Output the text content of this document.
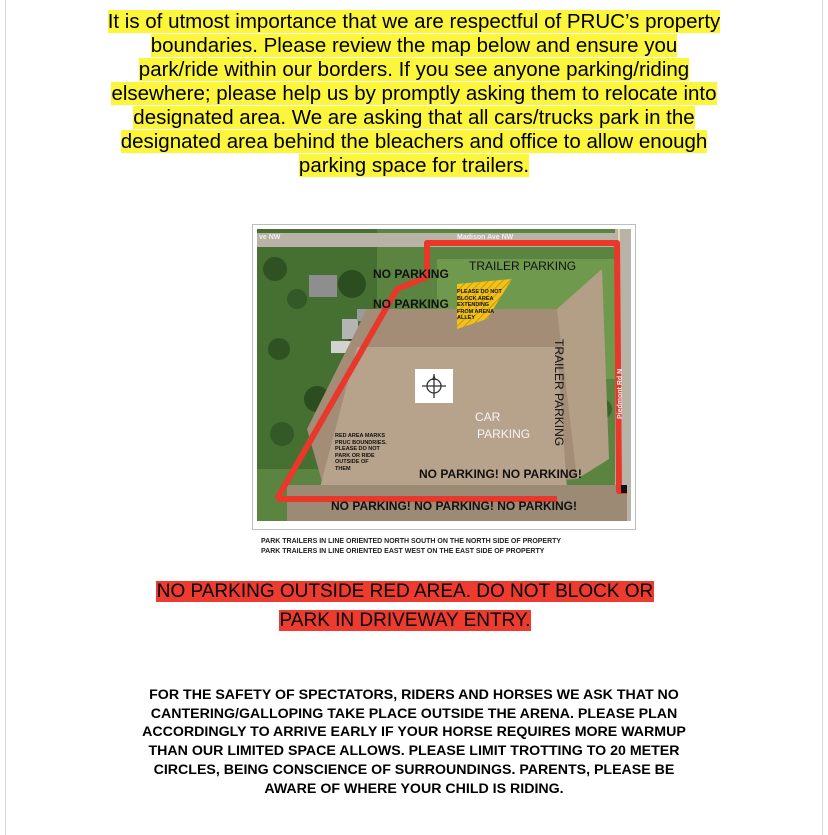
It is of utmost importance that we are respectful of PRUC’s property
boundaries. Please review the map below and ensure you
park/ride within our borders. If you see anyone parking/riding
elsewhere; please help us by promptly asking them to relocate into
designated area. We are asking that all cars/trucks park in the
designated area behind the bleachers and office to allow enough
parking space for trailers.
ve NW	Madison Ave NW
Piedmont Rd N
NO PARKING
NO PARKING
TRAILER PARKING
TRAILER PARKING
PLEASE DO NOT
BLOCK AREA
EXTENDING
FROM ARENA
ALLEY
RED AREA MARKS
PRUC BOUNDRIES.
PLEASE DO NOT
PARK OR RIDE
OUTSIDE OF
THEM
CAR
PARKING
NO PARKING! NO PARKING!
NO PARKING! NO PARKING! NO PARKING!
PARK TRAILERS IN LINE ORIENTED NORTH SOUTH ON THE NORTH SIDE OF PROPERTY
PARK TRAILERS IN LINE ORIENTED EAST WEST ON THE EAST SIDE OF PROPERTY
NO PARKING OUTSIDE RED AREA. DO NOT BLOCK OR
PARK IN DRIVEWAY ENTRY.
FOR THE SAFETY OF SPECTATORS, RIDERS AND HORSES WE ASK THAT NO
CANTERING/GALLOPING TAKE PLACE OUTSIDE THE ARENA. PLEASE PLAN
ACCORDINGLY TO ARRIVE EARLY IF YOUR HORSE REQUIRES MORE WARMUP
THAN OUR LIMITED SPACE ALLOWS. PLEASE LIMIT TROTTING TO 20 METER
CIRCLES, BEING CONSCIENCE OF SURROUNDINGS. PARENTS, PLEASE BE
AWARE OF WHERE YOUR CHILD IS RIDING.
